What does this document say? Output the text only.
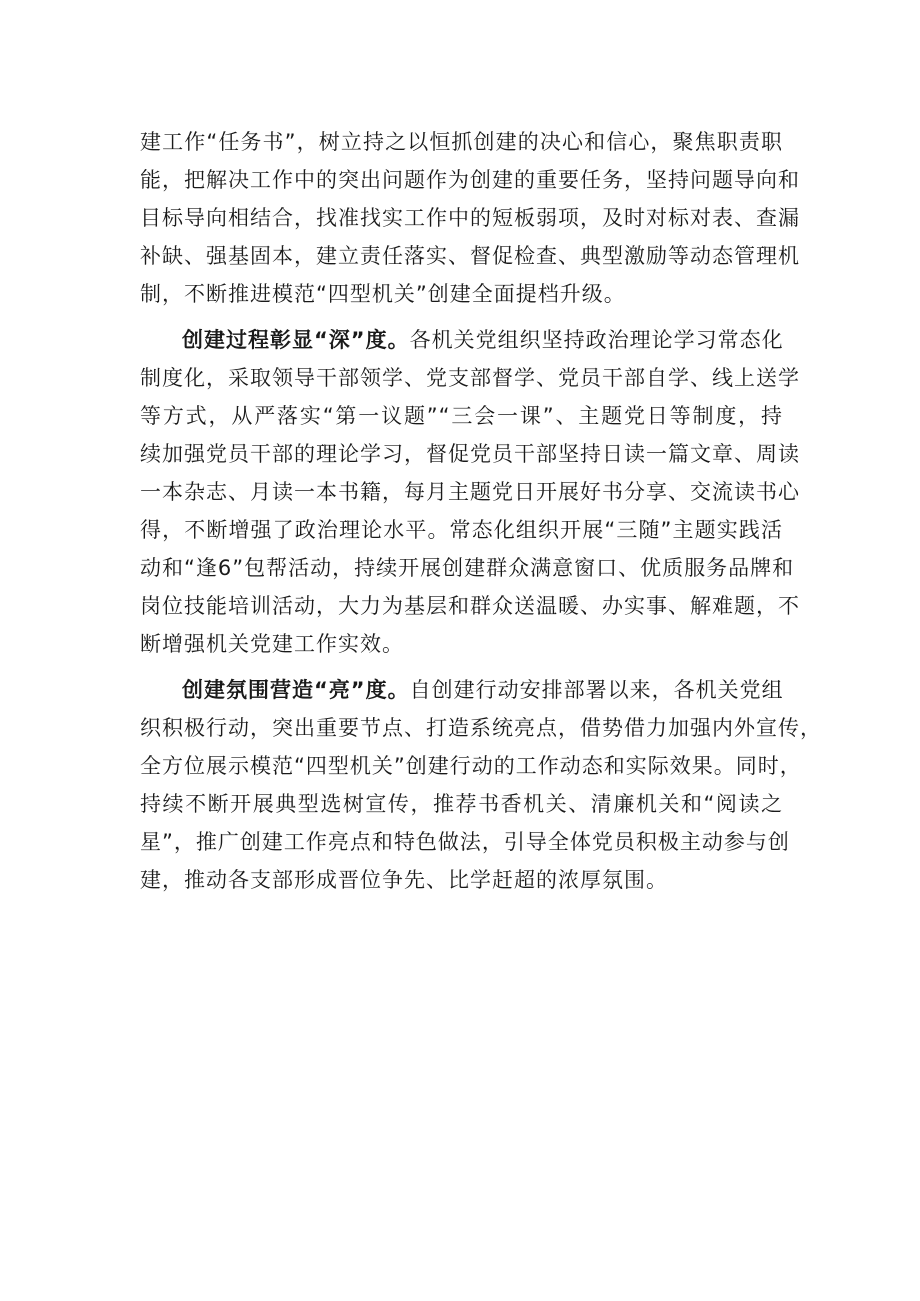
建工作“任务书”，树立持之以恒抓创建的决心和信心，聚焦职责职
能，把解决工作中的突出问题作为创建的重要任务，坚持问题导向和
目标导向相结合，找准找实工作中的短板弱项，及时对标对表、查漏
补缺、强基固本，建立责任落实、督促检查、典型激励等动态管理机
制，不断推进模范“四型机关”创建全面提档升级。
创建过程彰显“深”度。各机关党组织坚持政治理论学习常态化
制度化，采取领导干部领学、党支部督学、党员干部自学、线上送学
等方式，从严落实“第一议题”“三会一课”、主题党日等制度，持
续加强党员干部的理论学习，督促党员干部坚持日读一篇文章、周读
一本杂志、月读一本书籍，每月主题党日开展好书分享、交流读书心
得，不断增强了政治理论水平。常态化组织开展“三随”主题实践活
动和“逢6”包帮活动，持续开展创建群众满意窗口、优质服务品牌和
岗位技能培训活动，大力为基层和群众送温暖、办实事、解难题，不
断增强机关党建工作实效。
创建氛围营造“亮”度。自创建行动安排部署以来，各机关党组
织积极行动，突出重要节点、打造系统亮点，借势借力加强内外宣传，
全方位展示模范“四型机关”创建行动的工作动态和实际效果。同时，
持续不断开展典型选树宣传，推荐书香机关、清廉机关和“阅读之
星”，推广创建工作亮点和特色做法，引导全体党员积极主动参与创
建，推动各支部形成晋位争先、比学赶超的浓厚氛围。
